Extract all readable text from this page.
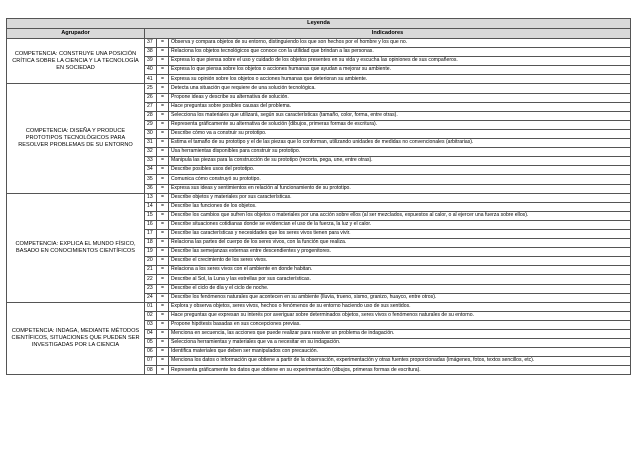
Leyenda			
Agrupador	Indicadores		
COMPETENCIA: CONSTRUYE UNA POSICIÓN CRÍTICA SOBRE LA CIENCIA Y LA TECNOLOGÍA EN SOCIEDAD	37	=	Observa y compara objetos de su entorno, distinguiendo los que son hechos por el hombre y los que no.
	38	=	Relaciona los objetos tecnológicos que conoce con la utilidad que brindan a las personas.
	39	=	Expresa lo que piensa sobre el uso y cuidado de los objetos presentes en su vida y escucha las opiniones de sus compañeros.
	40	=	Expresa lo que piensa sobre los objetos o acciones humanas que ayudan a mejorar su ambiente.
	41	=	Expresa su opinión sobre los objetos o acciones humanas que deterioran su ambiente.
COMPETENCIA: DISEÑA Y PRODUCE PROTOTIPOS TECNOLÓGICOS PARA RESOLVER PROBLEMAS DE SU ENTORNO	25	=	Detecta una situación que requiere de una solución tecnológica.
	26	=	Propone ideas y describe su alternativa de solución.
	27	=	Hace preguntas sobre posibles causas del problema.
	28	=	Selecciona los materiales que utilizará, según sus características (tamaño, color, forma, entre otras).
	29	=	Representa gráficamente su alternativa de solución (dibujos, primeras formas de escritura).
	30	=	Describe cómo va a construir su prototipo.
	31	=	Estima el tamaño de su prototipo y el de las piezas que lo conforman, utilizando unidades de medidas no convencionales (arbitrarias).
	32	=	Usa herramientas disponibles para construir su prototipo.
	33	=	Manipula las piezas para la construcción de su prototipo (recorta, pega, une, entre otras).
	34	=	Describe posibles usos del prototipo.
	35	=	Comunica cómo construyó su prototipo.
	36	=	Expresa sus ideas y sentimientos en relación al funcionamiento de su prototipo.
COMPETENCIA: EXPLICA EL MUNDO FÍSICO, BASADO EN CONOCIMIENTOS CIENTÍFICOS	13	=	Describe objetos y materiales por sus características.
	14	=	Describe las funciones de los objetos.
	15	=	Describe los cambios que sufren los objetos o materiales por una acción sobre ellos (al ser mezclados, expuestos al calor, o al ejercer una fuerza sobre ellos).
	16	=	Describe situaciones cotidianas donde se evidencian el uso de la fuerza, la luz y el calor.
	17	=	Describe las características y necesidades que los seres vivos tienen para vivir.
	18	=	Relaciona las partes del cuerpo de los seres vivos, con la función que realiza.
	19	=	Describe las semejanzas externas entre descendientes y progenitores.
	20	=	Describe el crecimiento de los seres vivos.
	21	=	Relaciona a los seres vivos con el ambiente en donde habitan.
	22	=	Describe al Sol, la Luna y las estrellas por sus características.
	23	=	Describe el ciclo de día y el ciclo de noche.
	24	=	Describe los fenómenos naturales que acontecen en su ambiente (lluvia, trueno, sismo, granizo, huayco, entre otros).
COMPETENCIA: INDAGA, MEDIANTE MÉTODOS CIENTÍFICOS, SITUACIONES QUE PUEDEN SER INVESTIGADAS POR LA CIENCIA	01	=	Explora y observa objetos, seres vivos, hechos o fenómenos de su entorno haciendo uso de sus sentidos.
	02	=	Hace preguntas que expresan su interés por averiguar sobre determinados objetos, seres vivos o fenómenos naturales de su entorno.
	03	=	Propone hipótesis basadas en sus concepciones previas.
	04	=	Menciona en secuencia, las acciones que puede realizar para resolver un problema de indagación.
	05	=	Selecciona herramientas y materiales que va a necesitar en su indagación.
	06	=	Identifica materiales que deben ser manipulados con precaución.
	07	=	Menciona los datos o información que obtiene a partir de la observación, experimentación y otras fuentes proporcionadas (imágenes, fotos, textos sencillos, etc).
	08	=	Representa gráficamente los datos que obtiene en su experimentación (dibujos, primeras formas de escritura).
